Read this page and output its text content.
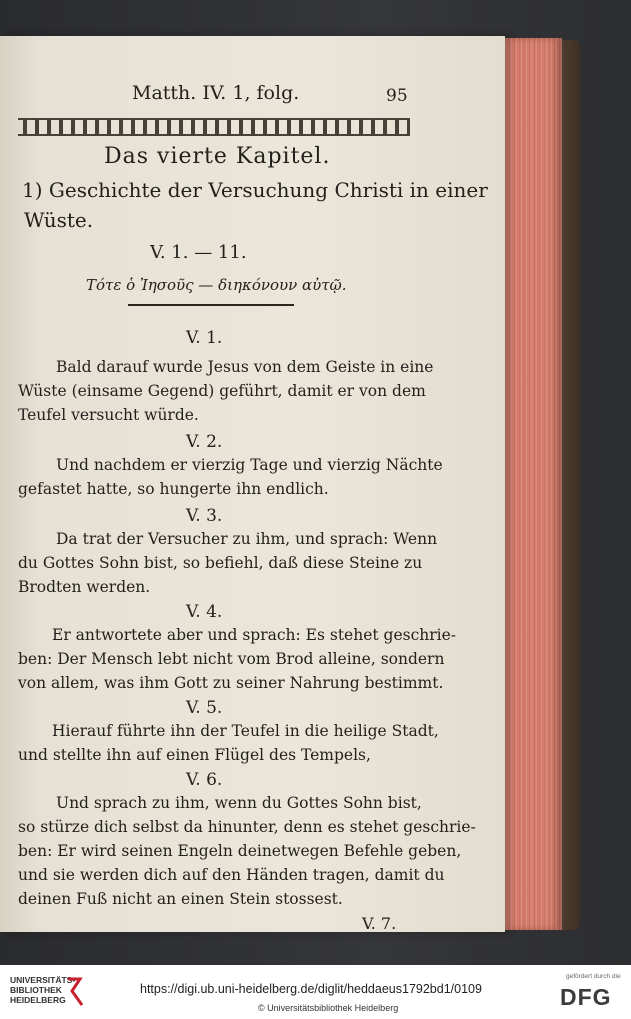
Matth. IV. 1, folg.	95
Das vierte Kapitel.
1) Geschichte der Versuchung Christi in einer
Wüste.
V. 1. — 11.
Τότε ὁ Ἰησοῦς — διηκόνουν αὐτῷ.
V. 1.
Bald darauf wurde Jesus von dem Geiste in eine
Wüste (einsame Gegend) geführt, damit er von dem
Teufel versucht würde.
V. 2.
Und nachdem er vierzig Tage und vierzig Nächte
gefastet hatte, so hungerte ihn endlich.
V. 3.
Da trat der Versucher zu ihm, und sprach: Wenn
du Gottes Sohn bist, so befiehl, daß diese Steine zu
Brodten werden.
V. 4.
Er antwortete aber und sprach: Es stehet geschrie-
ben: Der Mensch lebt nicht vom Brod alleine, sondern
von allem, was ihm Gott zu seiner Nahrung bestimmt.
V. 5.
Hierauf führte ihn der Teufel in die heilige Stadt,
und stellte ihn auf einen Flügel des Tempels,
V. 6.
Und sprach zu ihm, wenn du Gottes Sohn bist,
so stürze dich selbst da hinunter, denn es stehet geschrie-
ben: Er wird seinen Engeln deinetwegen Befehle geben,
und sie werden dich auf den Händen tragen, damit du
deinen Fuß nicht an einen Stein stossest.
V. 7.
UNIVERSITÄTS-
BIBLIOTHEK
HEIDELBERG
https://digi.ub.uni-heidelberg.de/diglit/heddaeus1792bd1/0109
© Universitätsbibliothek Heidelberg
gefördert durch die
DFG
